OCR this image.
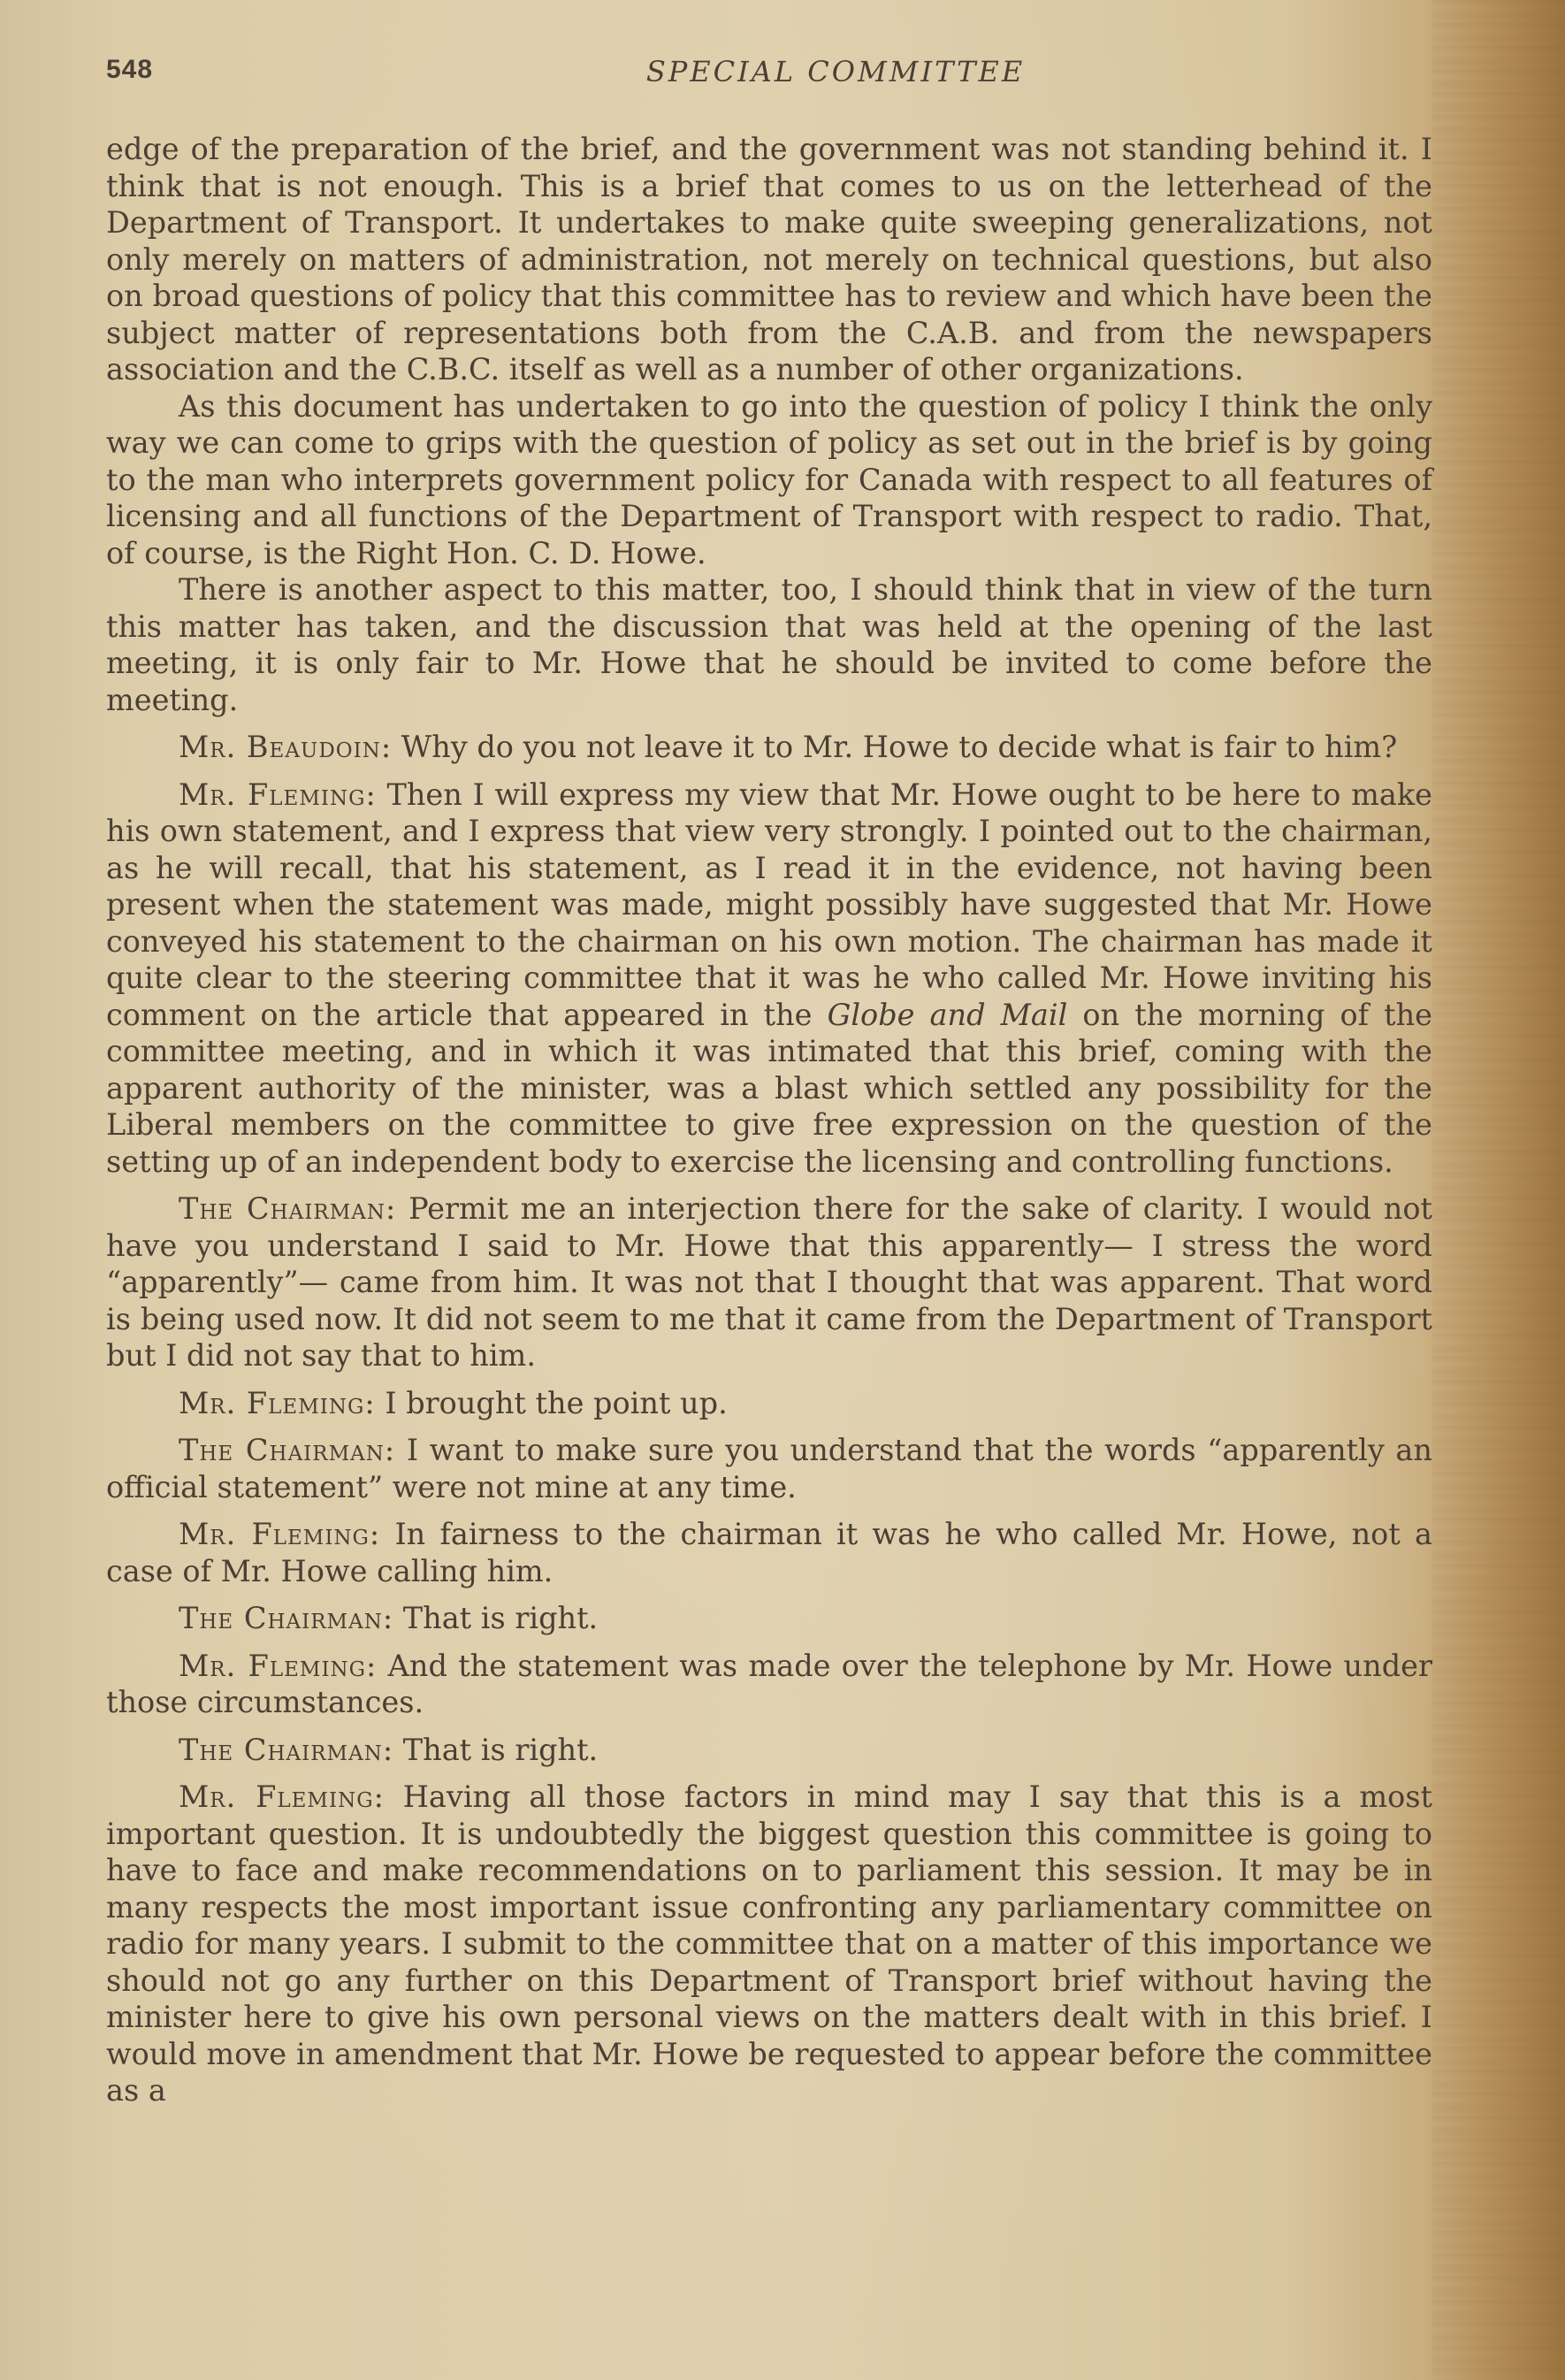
548	SPECIAL COMMITTEE

edge of the preparation of the brief, and the government was not standing behind it. I think that is not enough. This is a brief that comes to us on the letterhead of the Department of Transport. It undertakes to make quite sweeping generalizations, not only merely on matters of administration, not merely on technical questions, but also on broad questions of policy that this committee has to review and which have been the subject matter of representations both from the C.A.B. and from the newspapers association and the C.B.C. itself as well as a number of other organizations.

As this document has undertaken to go into the question of policy I think the only way we can come to grips with the question of policy as set out in the brief is by going to the man who interprets government policy for Canada with respect to all features of licensing and all functions of the Department of Transport with respect to radio. That, of course, is the Right Hon. C. D. Howe.

There is another aspect to this matter, too, I should think that in view of the turn this matter has taken, and the discussion that was held at the opening of the last meeting, it is only fair to Mr. Howe that he should be invited to come before the meeting.

Mr. Beaudoin: Why do you not leave it to Mr. Howe to decide what is fair to him?

Mr. Fleming: Then I will express my view that Mr. Howe ought to be here to make his own statement, and I express that view very strongly. I pointed out to the chairman, as he will recall, that his statement, as I read it in the evidence, not having been present when the statement was made, might possibly have suggested that Mr. Howe conveyed his statement to the chairman on his own motion. The chairman has made it quite clear to the steering committee that it was he who called Mr. Howe inviting his comment on the article that appeared in the Globe and Mail on the morning of the committee meeting, and in which it was intimated that this brief, coming with the apparent authority of the minister, was a blast which settled any possibility for the Liberal members on the committee to give free expression on the question of the setting up of an independent body to exercise the licensing and controlling functions.

The Chairman: Permit me an interjection there for the sake of clarity. I would not have you understand I said to Mr. Howe that this apparently— I stress the word “apparently”— came from him. It was not that I thought that was apparent. That word is being used now. It did not seem to me that it came from the Department of Transport but I did not say that to him.

Mr. Fleming: I brought the point up.

The Chairman: I want to make sure you understand that the words “apparently an official statement” were not mine at any time.

Mr. Fleming: In fairness to the chairman it was he who called Mr. Howe, not a case of Mr. Howe calling him.

The Chairman: That is right.

Mr. Fleming: And the statement was made over the telephone by Mr. Howe under those circumstances.

The Chairman: That is right.

Mr. Fleming: Having all those factors in mind may I say that this is a most important question. It is undoubtedly the biggest question this committee is going to have to face and make recommendations on to parliament this session. It may be in many respects the most important issue confronting any parliamentary committee on radio for many years. I submit to the committee that on a matter of this importance we should not go any further on this Department of Transport brief without having the minister here to give his own personal views on the matters dealt with in this brief. I would move in amendment that Mr. Howe be requested to appear before the committee as a
